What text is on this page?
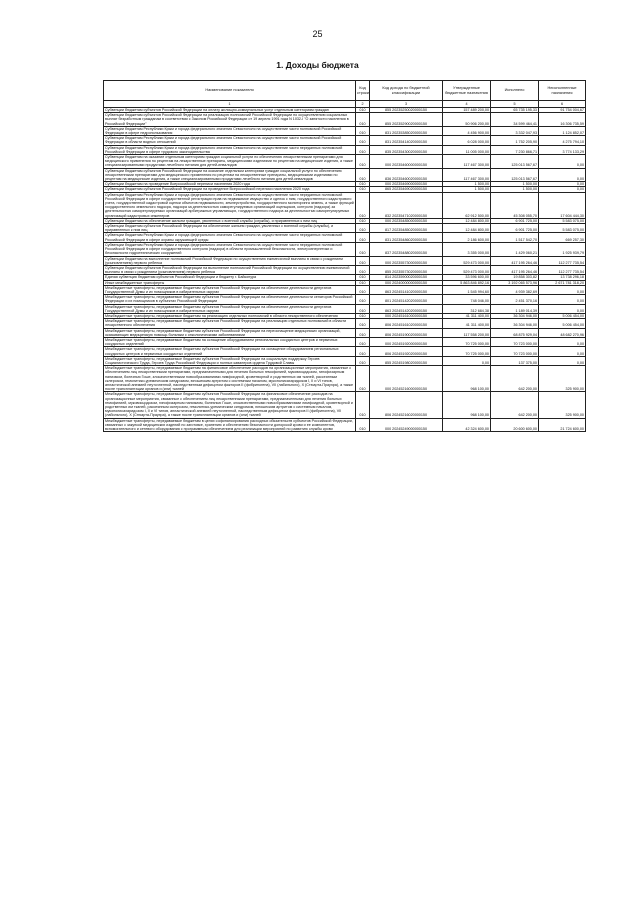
25
1. Доходы бюджета
Наименование показателя	Код строки	Код дохода по бюджетной классификации	Утвержденные бюджетные назначения	Исполнено	Неисполненные назначения
1	2	3	4	5	6
Субвенции бюджетам субъектов Российской Федерации на оплату жилищно-коммунальных услуг отдельным категориям граждан	010	855 20235250020000150	157 489 200,00	65 735 195,33	91 754 004,67
Субвенции бюджетам субъектов Российской Федерации на реализацию полномочий Российской Федерации по осуществлению социальных выплат безработным гражданам в соответствии с Законом Российской Федерации от 19 апреля 1991 года N 1032-I "О занятости населения в Российской Федерации"	010	855 20235290020000150	50 906 200,00	34 599 464,41	16 306 735,59
Субвенции бюджетам Республики Крым и города федерального значения Севастополя на осуществление части полномочий Российской Федерации в сфере недропользования	010	831 20235385020000150	4 456 900,00	3 332 047,93	1 124 852,07
Субвенции бюджетам Республики Крым и города федерального значения Севастополя на осуществление части полномочий Российской Федерации в области водных отношений	010	831 20235414020000150	6 028 000,00	1 752 205,90	4 275 794,10
Субвенции бюджетам Республики Крым и города федерального значения Севастополя на осуществление части переданных полномочий Российской Федерации в сфере трудового законодательства	010	835 20235430020000150	11 005 000,00	7 230 866,71	3 774 133,29
Субвенции бюджетам на оказание отдельным категориям граждан социальной услуги по обеспечению лекарственными препаратами для медицинского применения по рецептам на лекарственные препараты, медицинскими изделиями по рецептам на медицинские изделия, а также специализированными продуктами лечебного питания для детей-инвалидов	010	000 20235460000000150	117 467 300,00	125 013 567,67	0,00
Субвенции бюджетам субъектов Российской Федерации на оказание отдельным категориям граждан социальной услуги по обеспечению лекарственными препаратами для медицинского применения по рецептам на лекарственные препараты, медицинскими изделиями по рецептам на медицинские изделия, а также специализированными продуктами лечебного питания для детей-инвалидов	010	836 20235460020000150	117 467 300,00	125 013 567,67	0,00
Субвенции бюджетам на проведение Всероссийской переписи населения 2020 года	010	000 20235469000000150	1 500,00	1 500,00	0,00
Субвенции бюджетам субъектов Российской Федерации на проведение Всероссийской переписи населения 2020 года	010	865 20235469020000150	1 500,00	1 500,00	0,00
Субвенции бюджетам Республики Крым и города федерального значения Севастополя на осуществление части переданных полномочий Российской Федерации в сфере государственной регистрации прав на недвижимое имущество и сделок с ним, государственного кадастрового учета, государственной кадастровой оценки объектов недвижимости, землеустройства, государственного мониторинга земель, а также функций государственного земельного надзора, надзора за деятельностью саморегулируемых организаций оценщиков, контроля (надзора) за деятельностью саморегулируемых организаций арбитражных управляющих, государственного надзора за деятельностью саморегулируемых организаций кадастровых инженеров	010	832 20235471020000150	62 912 500,00	45 308 055,70	17 604 444,30
Субвенции бюджетам на обеспечение жильем граждан, уволенных с военной службы (службы), и приравненных к ним лиц	010	000 20235485000000150	12 484 800,00	6 901 725,00	5 583 075,00
Субвенции бюджетам субъектов Российской Федерации на обеспечение жильем граждан, уволенных с военной службы (службы), и приравненных к ним лиц	010	817 20235485020000150	12 484 800,00	6 901 725,00	5 583 075,00
Субвенции бюджетам Республики Крым и города федерального значения Севастополя на осуществление части переданных полномочий Российской Федерации в сфере охраны окружающей среды	010	831 20235486020000150	2 186 600,00	1 517 542,70	669 257,30
Субвенции бюджетам Республики Крым и города федерального значения Севастополя на осуществление части переданных полномочий Российской Федерации в сфере государственного контроля (надзора) в области промышленной безопасности, электроэнергетики и безопасности гидротехнических сооружений	010	837 20235488020000150	3 355 000,00	1 429 060,21	1 925 939,79
Субвенции бюджетам на выполнение полномочий Российской Федерации по осуществлению ежемесячной выплаты в связи с рождением (усыновлением) первого ребенка	010	000 20235573000000150	529 473 000,00	417 195 264,46	112 277 735,54
Субвенции бюджетам субъектов Российской Федерации на выполнение полномочий Российской Федерации по осуществлению ежемесячной выплаты в связи с рождением (усыновлением) первого ребенка	010	855 20235573020000150	529 473 000,00	417 195 264,46	112 277 735,54
Единая субвенция бюджетам субъектов Российской Федерации и бюджету г. Байконура	010	814 20235900020000150	33 596 600,00	19 858 303,82	13 738 296,18
Иные межбюджетные трансферты	010	000 20240000000000150	5 863 846 892,16	3 192 065 573,96	2 671 781 318,20
Межбюджетные трансферты, передаваемые бюджетам субъектов Российской Федерации на обеспечение деятельности депутатов Государственной Думы и их помощников в избирательных округах	010	863 20245141020000150	1 545 994,60	4 939 382,69	0,00
Межбюджетные трансферты, передаваемые бюджетам субъектов Российской Федерации на обеспечение деятельности сенаторов Российской Федерации и их помощников в субъектах Российской Федерации	010	801 20245142020000150	748 046,00	2 451 370,16	0,00
Межбюджетные трансферты, передаваемые бюджетам субъектов Российской Федерации на обеспечение деятельности депутатов Государственной Думы и их помощников в избирательных округах	010	863 20245142020000150	312 684,38	1 189 014,39	0,00
Межбюджетные трансферты, передаваемые бюджетам на реализацию отдельных полномочий в области лекарственного обеспечения	010	000 20245161000000150	41 311 400,00	36 304 946,00	5 006 454,00
Межбюджетные трансферты, передаваемые бюджетам субъектов Российской Федерации на реализацию отдельных полномочий в области лекарственного обеспечения	010	806 20245161020000150	41 311 400,00	36 304 946,00	5 006 454,00
Межбюджетные трансферты, передаваемые бюджетам субъектов Российской Федерации на переоснащение медицинских организаций, оказывающих медицинскую помощь больным с онкологическими заболеваниями	010	806 20245190020000150	117 558 200,00	68 875 929,04	48 682 270,96
Межбюджетные трансферты, передаваемые бюджетам на оснащение оборудованием региональных сосудистых центров и первичных сосудистых отделений	010	000 20245192000000150	70 725 000,00	70 723 000,00	0,00
Межбюджетные трансферты, передаваемые бюджетам субъектов Российской Федерации на оснащение оборудованием региональных сосудистых центров и первичных сосудистых отделений	010	806 20245192020000150	70 725 000,00	70 723 000,00	0,00
Межбюджетные трансферты, передаваемые бюджетам субъектов Российской Федерации на социальную поддержку Героев Социалистического Труда, Героев Труда Российской Федерации и полных кавалеров ордена Трудовой Славы	010	855 20245198020000150	0,00	137 375,00	0,00
Межбюджетные трансферты, передаваемые бюджетам на финансовое обеспечение расходов на организационные мероприятия, связанные с обеспечением лиц лекарственными препаратами, предназначенными для лечения больных гемофилией, муковисцидозом, гипофизарным нанизмом, болезнью Гоше, злокачественными новообразованиями лимфоидной, кроветворной и родственных им тканей, рассеянным склерозом, гемолитико-уремическим синдромом, юношеским артритом с системным началом, мукополисахаридозом I, II и VI типов, апластической анемией неуточненной, наследственным дефицитом факторов II (фибриногена), VII (лабильного), X (Стюарта-Прауэра), а также после трансплантации органов и (или) тканей	010	000 20245216000000150	968 100,00	642 200,00	325 900,00
Межбюджетные трансферты, передаваемые бюджетам субъектов Российской Федерации на финансовое обеспечение расходов на организационные мероприятия, связанные с обеспечением лиц лекарственными препаратами, предназначенными для лечения больных гемофилией, муковисцидозом, гипофизарным нанизмом, болезнью Гоше, злокачественными новообразованиями лимфоидной, кроветворной и родственных им тканей, рассеянным склерозом, гемолитико-уремическим синдромом, юношеским артритом с системным началом, мукополисахаридозом I, II и VI типов, апластической анемией неуточненной, наследственным дефицитом факторов II (фибриногена), VII (лабильного), X (Стюарта-Прауэра), а также после трансплантации органов и (или) тканей	010	806 20245216020000150	968 100,00	642 200,00	325 900,00
Межбюджетные трансферты, передаваемые бюджетам в целях софинансирования расходных обязательств субъектов Российской Федерации, связанных с закупкой медицинских изделий по заготовке, хранению и обеспечению безопасности донорской крови и ее компонентов, вспомогательного и сетевого оборудования с программным обеспечением для реализации мероприятий по развитию службы крови	010	000 20245249000000150	42 324 600,00	20 600 600,00	21 724 600,00
